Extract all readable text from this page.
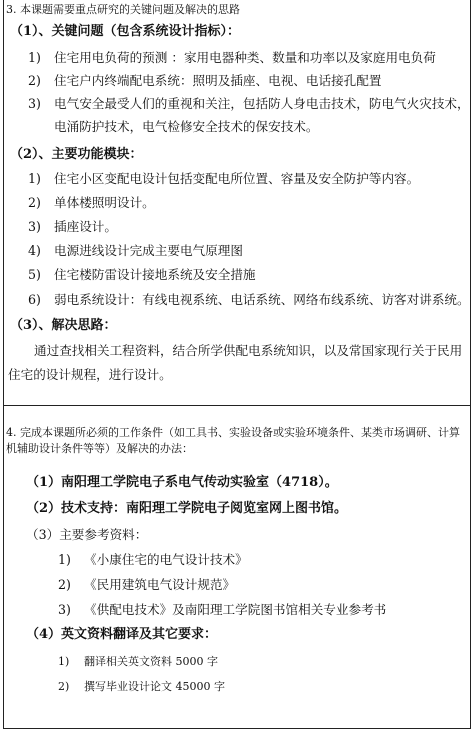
3. 本课题需要重点研究的关键问题及解决的思路
（1）、关键问题（包含系统设计指标）：
1) 住宅用电负荷的预测 ：家用电器种类、数量和功率以及家庭用电负荷
2) 住宅户内终端配电系统：照明及插座、电视、电话接孔配置
3) 电气安全最受人们的重视和关注，包括防人身电击技术，防电气火灾技术，
电涌防护技术，电气检修安全技术的保安技术。
（2）、主要功能模块：
1) 住宅小区变配电设计包括变配电所位置、容量及安全防护等内容。
2) 单体楼照明设计。
3) 插座设计。
4) 电源进线设计完成主要电气原理图
5) 住宅楼防雷设计接地系统及安全措施
6) 弱电系统设计：有线电视系统、电话系统、网络布线系统、访客对讲系统。
（3）、解决思路：
通过查找相关工程资料，结合所学供配电系统知识，以及常国家现行关于民用
住宅的设计规程，进行设计。
4. 完成本课题所必须的工作条件（如工具书、实验设备或实验环境条件、某类市场调研、计算
机辅助设计条件等等）及解决的办法：
（1）南阳理工学院电子系电气传动实验室（4718）。
（2）技术支持：南阳理工学院电子阅览室网上图书馆。
（3）主要参考资料：
1) 《小康住宅的电气设计技术》
2) 《民用建筑电气设计规范》
3) 《供配电技术》及南阳理工学院图书馆相关专业参考书
（4）英文资料翻译及其它要求：
1) 翻译相关英文资料 5000 字
2) 撰写毕业设计论文 45000 字
